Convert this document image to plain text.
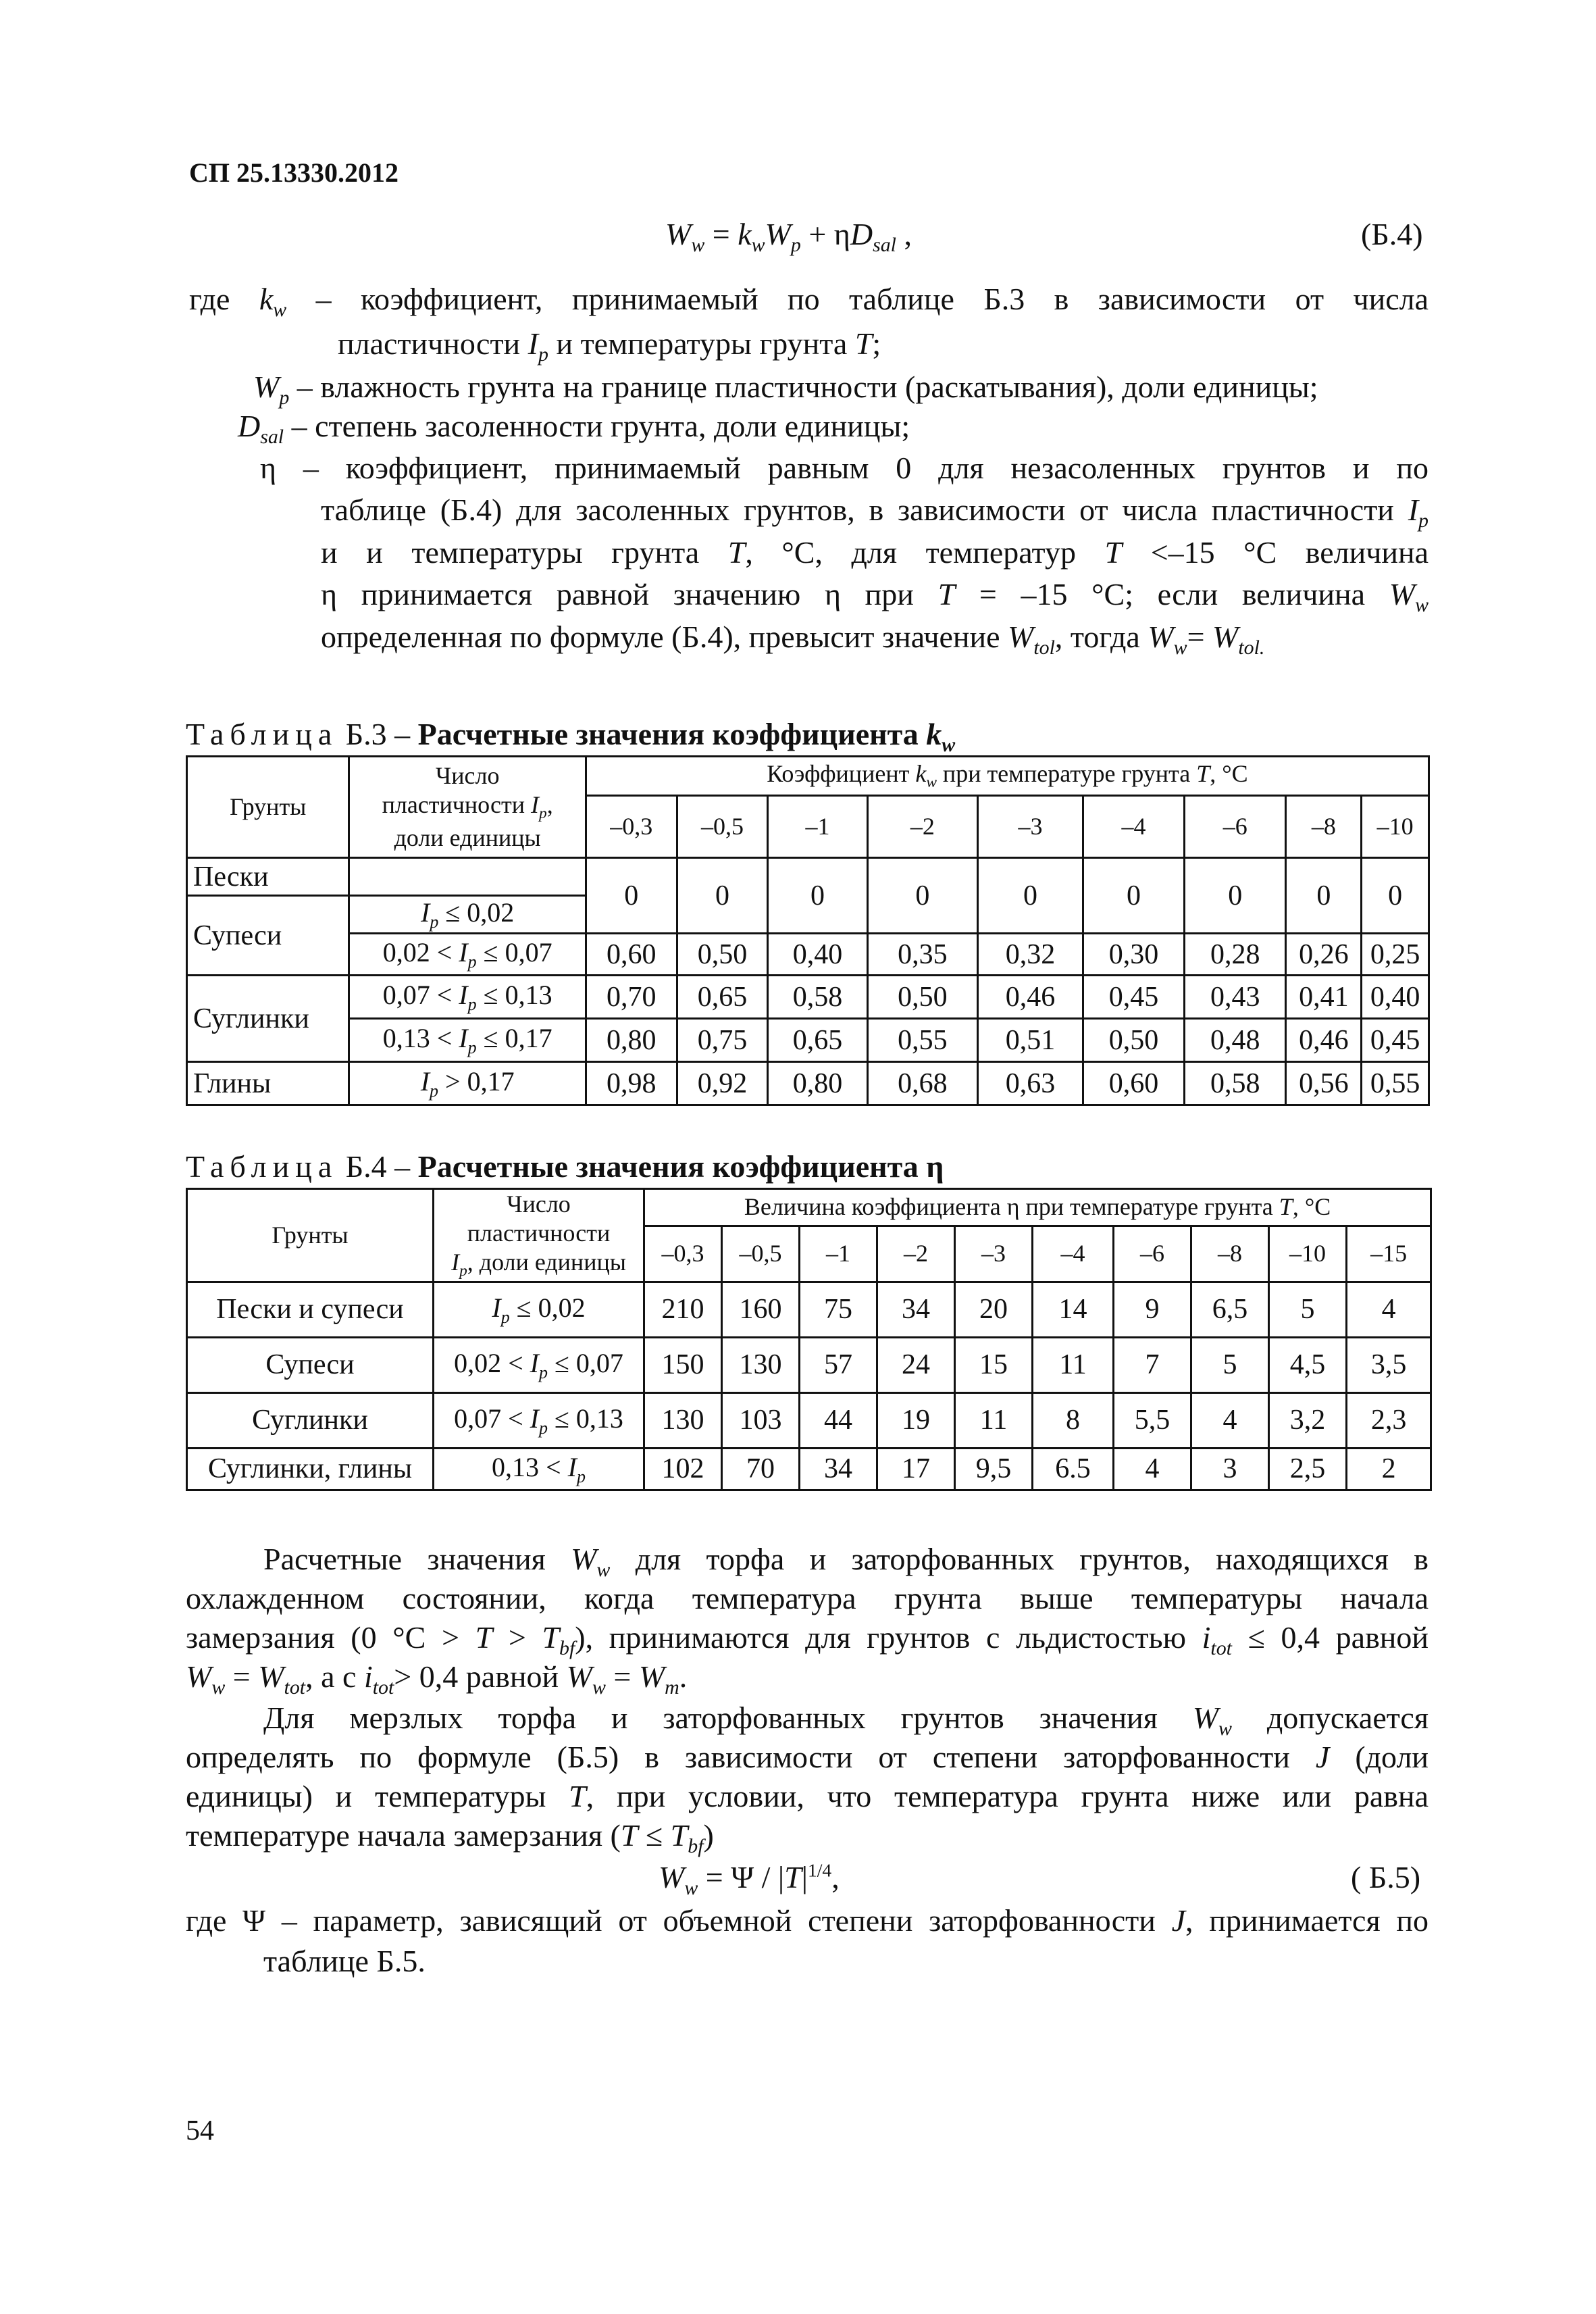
СП 25.13330.2012
$W_w = k_wW_p + \eta D_{sal}$ ,	(Б.4)
где $k_w$ – коэффициент, принимаемый по таблице Б.3 в зависимости от числа
пластичности $I_p$ и температуры грунта T;
$W_p$ – влажность грунта на границе пластичности (раскатывания), доли единицы;
$D_{sal}$ – степень засоленности грунта, доли единицы;
η – коэффициент, принимаемый равным 0 для незасоленных грунтов и по
таблице (Б.4) для засоленных грунтов, в зависимости от числа пластичности $I_p$
и и температуры грунта T, °С, для температур T <–15 °С величина
η принимается равной значению η при T = –15 °С; если величина $W_w$
определенная по формуле (Б.4), превысит значение $W_{tol}$, тогда $W_w= W_{tol.}$
Таблица Б.3 – Расчетные значения коэффициента $k_w$
Грунты	Число
пластичности $I_p$,
доли единицы	Коэффициент $k_w$ при температуре грунта T, °С								
		–0,3	–0,5	–1	–2	–3	–4	–6	–8	–10
Пески		0	0	0	0	0	0	0	0	0
Супеси	$I_p \le 0,02$									
	$0,02 < I_p \le 0,07$	0,60	0,50	0,40	0,35	0,32	0,30	0,28	0,26	0,25
Суглинки	$0,07 < I_p \le 0,13$	0,70	0,65	0,58	0,50	0,46	0,45	0,43	0,41	0,40
	$0,13 < I_p \le 0,17$	0,80	0,75	0,65	0,55	0,51	0,50	0,48	0,46	0,45
Глины	$I_p > 0,17$	0,98	0,92	0,80	0,68	0,63	0,60	0,58	0,56	0,55
Таблица Б.4 – Расчетные значения коэффициента η
Грунты	Число
пластичности
$I_p$, доли единицы	Величина коэффициента η при температуре грунта T, °С									
		–0,3	–0,5	–1	–2	–3	–4	–6	–8	–10	–15
Пески и супеси	$I_p \le 0,02$	210	160	75	34	20	14	9	6,5	5	4
Супеси	$0,02 < I_p \le 0,07$	150	130	57	24	15	11	7	5	4,5	3,5
Суглинки	$0,07 < I_p \le 0,13$	130	103	44	19	11	8	5,5	4	3,2	2,3
Суглинки, глины	$0,13 < I_p$	102	70	34	17	9,5	6.5	4	3	2,5	2
Расчетные значения $W_w$ для торфа и заторфованных грунтов, находящихся в
охлажденном состоянии, когда температура грунта выше температуры начала
замерзания (0 $^\circ С > T > T_{bf}$), принимаются для грунтов с льдистостью $i_{tot} \le 0,4$ равной
$W_w = W_{tot}$, а с $i_{tot}> 0,4$ равной $W_w = W_m$.
Для мерзлых торфа и заторфованных грунтов значения $W_w$ допускается
определять по формуле (Б.5) в зависимости от степени заторфованности J (доли
единицы) и температуры T, при условии, что температура грунта ниже или равна
температуре начала замерзания $(T \le T_{bf})$
$W_w = \Psi / |T|^{1/4}$,	( Б.5)
где Ψ – параметр, зависящий от объемной степени заторфованности J, принимается по
таблице Б.5.
54
